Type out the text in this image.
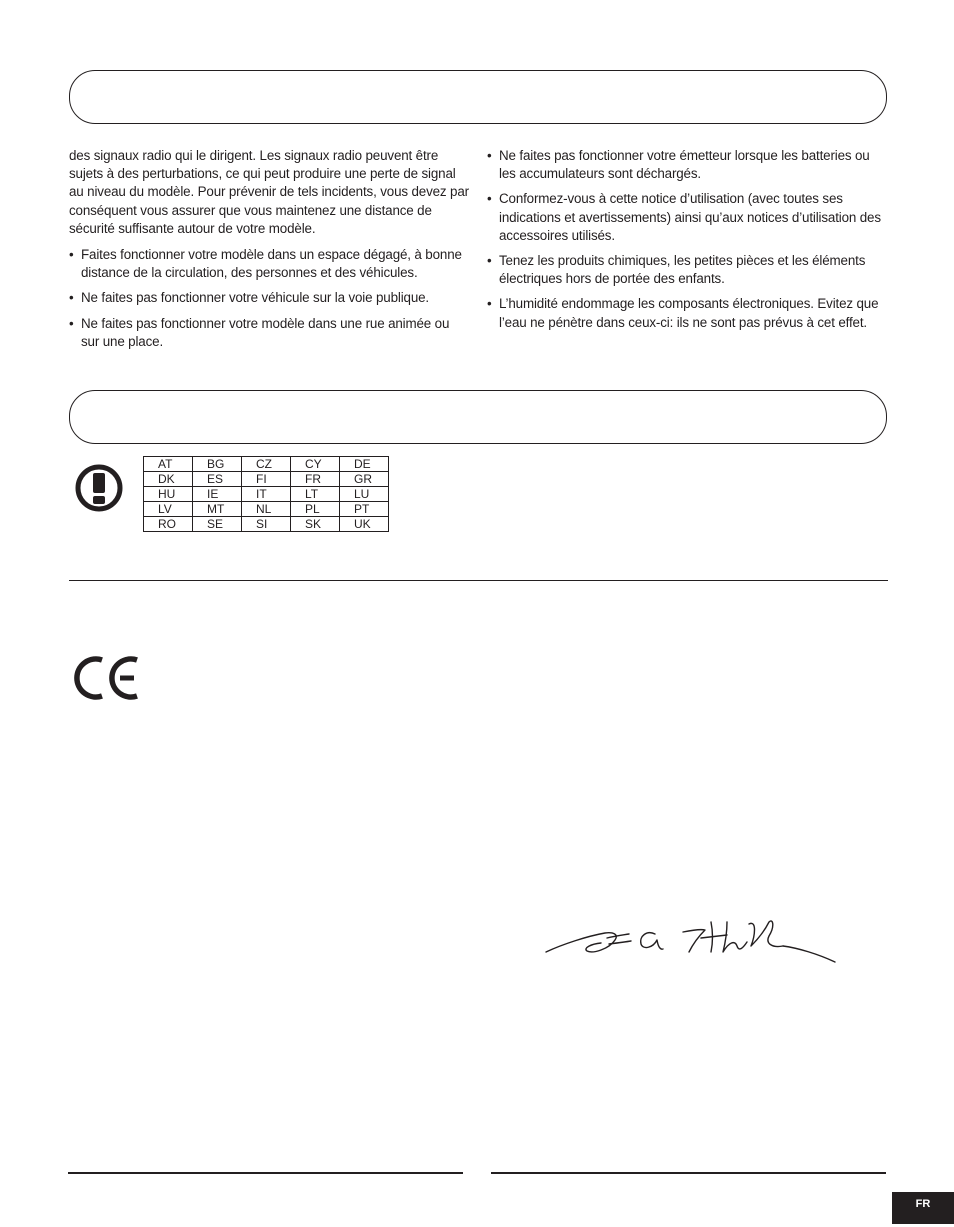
des signaux radio qui le dirigent. Les signaux radio peuvent être sujets à des perturbations, ce qui peut produire une perte de signal au niveau du modèle. Pour prévenir de tels incidents, vous devez par conséquent vous assurer que vous maintenez une distance de sécurité suffisante autour de votre modèle.

• Faites fonctionner votre modèle dans un espace dégagé, à bonne distance de la circulation, des personnes et des véhicules.
• Ne faites pas fonctionner votre véhicule sur la voie publique.
• Ne faites pas fonctionner votre modèle dans une rue animée ou sur une place.
• Ne faites pas fonctionner votre émetteur lorsque les batteries ou les accumulateurs sont déchargés.
• Conformez-vous à cette notice d’utilisation (avec toutes ses indications et avertissements) ainsi qu’aux notices d’utilisation des accessoires utilisés.
• Tenez les produits chimiques, les petites pièces et les éléments électriques hors de portée des enfants.
• L’humidité endommage les composants électroniques. Evitez que l’eau ne pénètre dans ceux-ci: ils ne sont pas prévus à cet effet.
AT	BG	CZ	CY	DE
DK	ES	FI	FR	GR
HU	IE	IT	LT	LU
LV	MT	NL	PL	PT
RO	SE	SI	SK	UK
FR
